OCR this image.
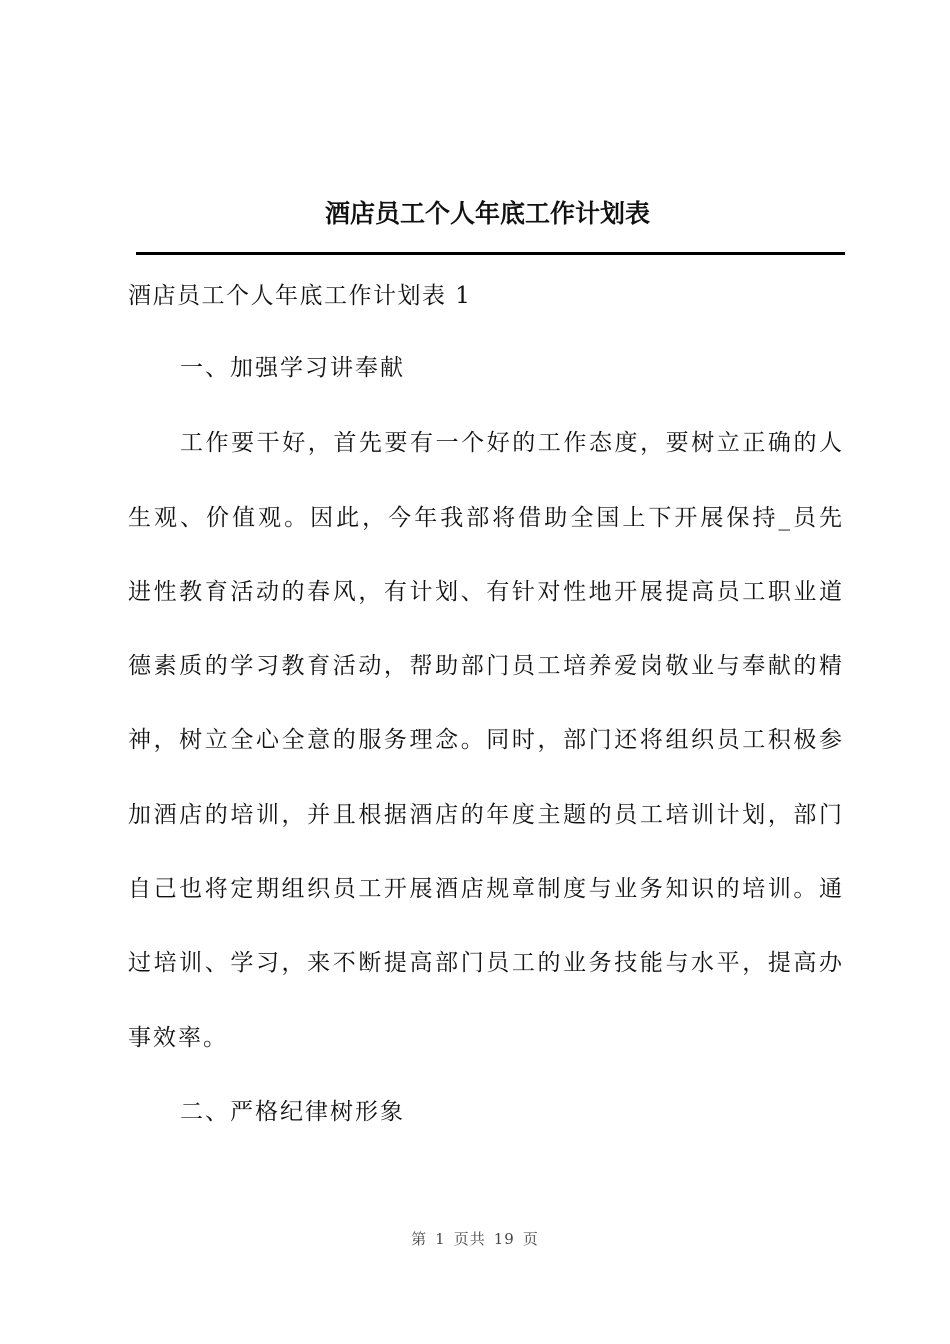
酒店员工个人年底工作计划表
酒店员工个人年底工作计划表 1
一、加强学习讲奉献
工作要干好，首先要有一个好的工作态度，要树立正确的人
生观、价值观。因此，今年我部将借助全国上下开展保持_员先
进性教育活动的春风，有计划、有针对性地开展提高员工职业道
德素质的学习教育活动，帮助部门员工培养爱岗敬业与奉献的精
神，树立全心全意的服务理念。同时，部门还将组织员工积极参
加酒店的培训，并且根据酒店的年度主题的员工培训计划，部门
自己也将定期组织员工开展酒店规章制度与业务知识的培训。通
过培训、学习，来不断提高部门员工的业务技能与水平，提高办
事效率。
二、严格纪律树形象
第 1 页共 19 页
